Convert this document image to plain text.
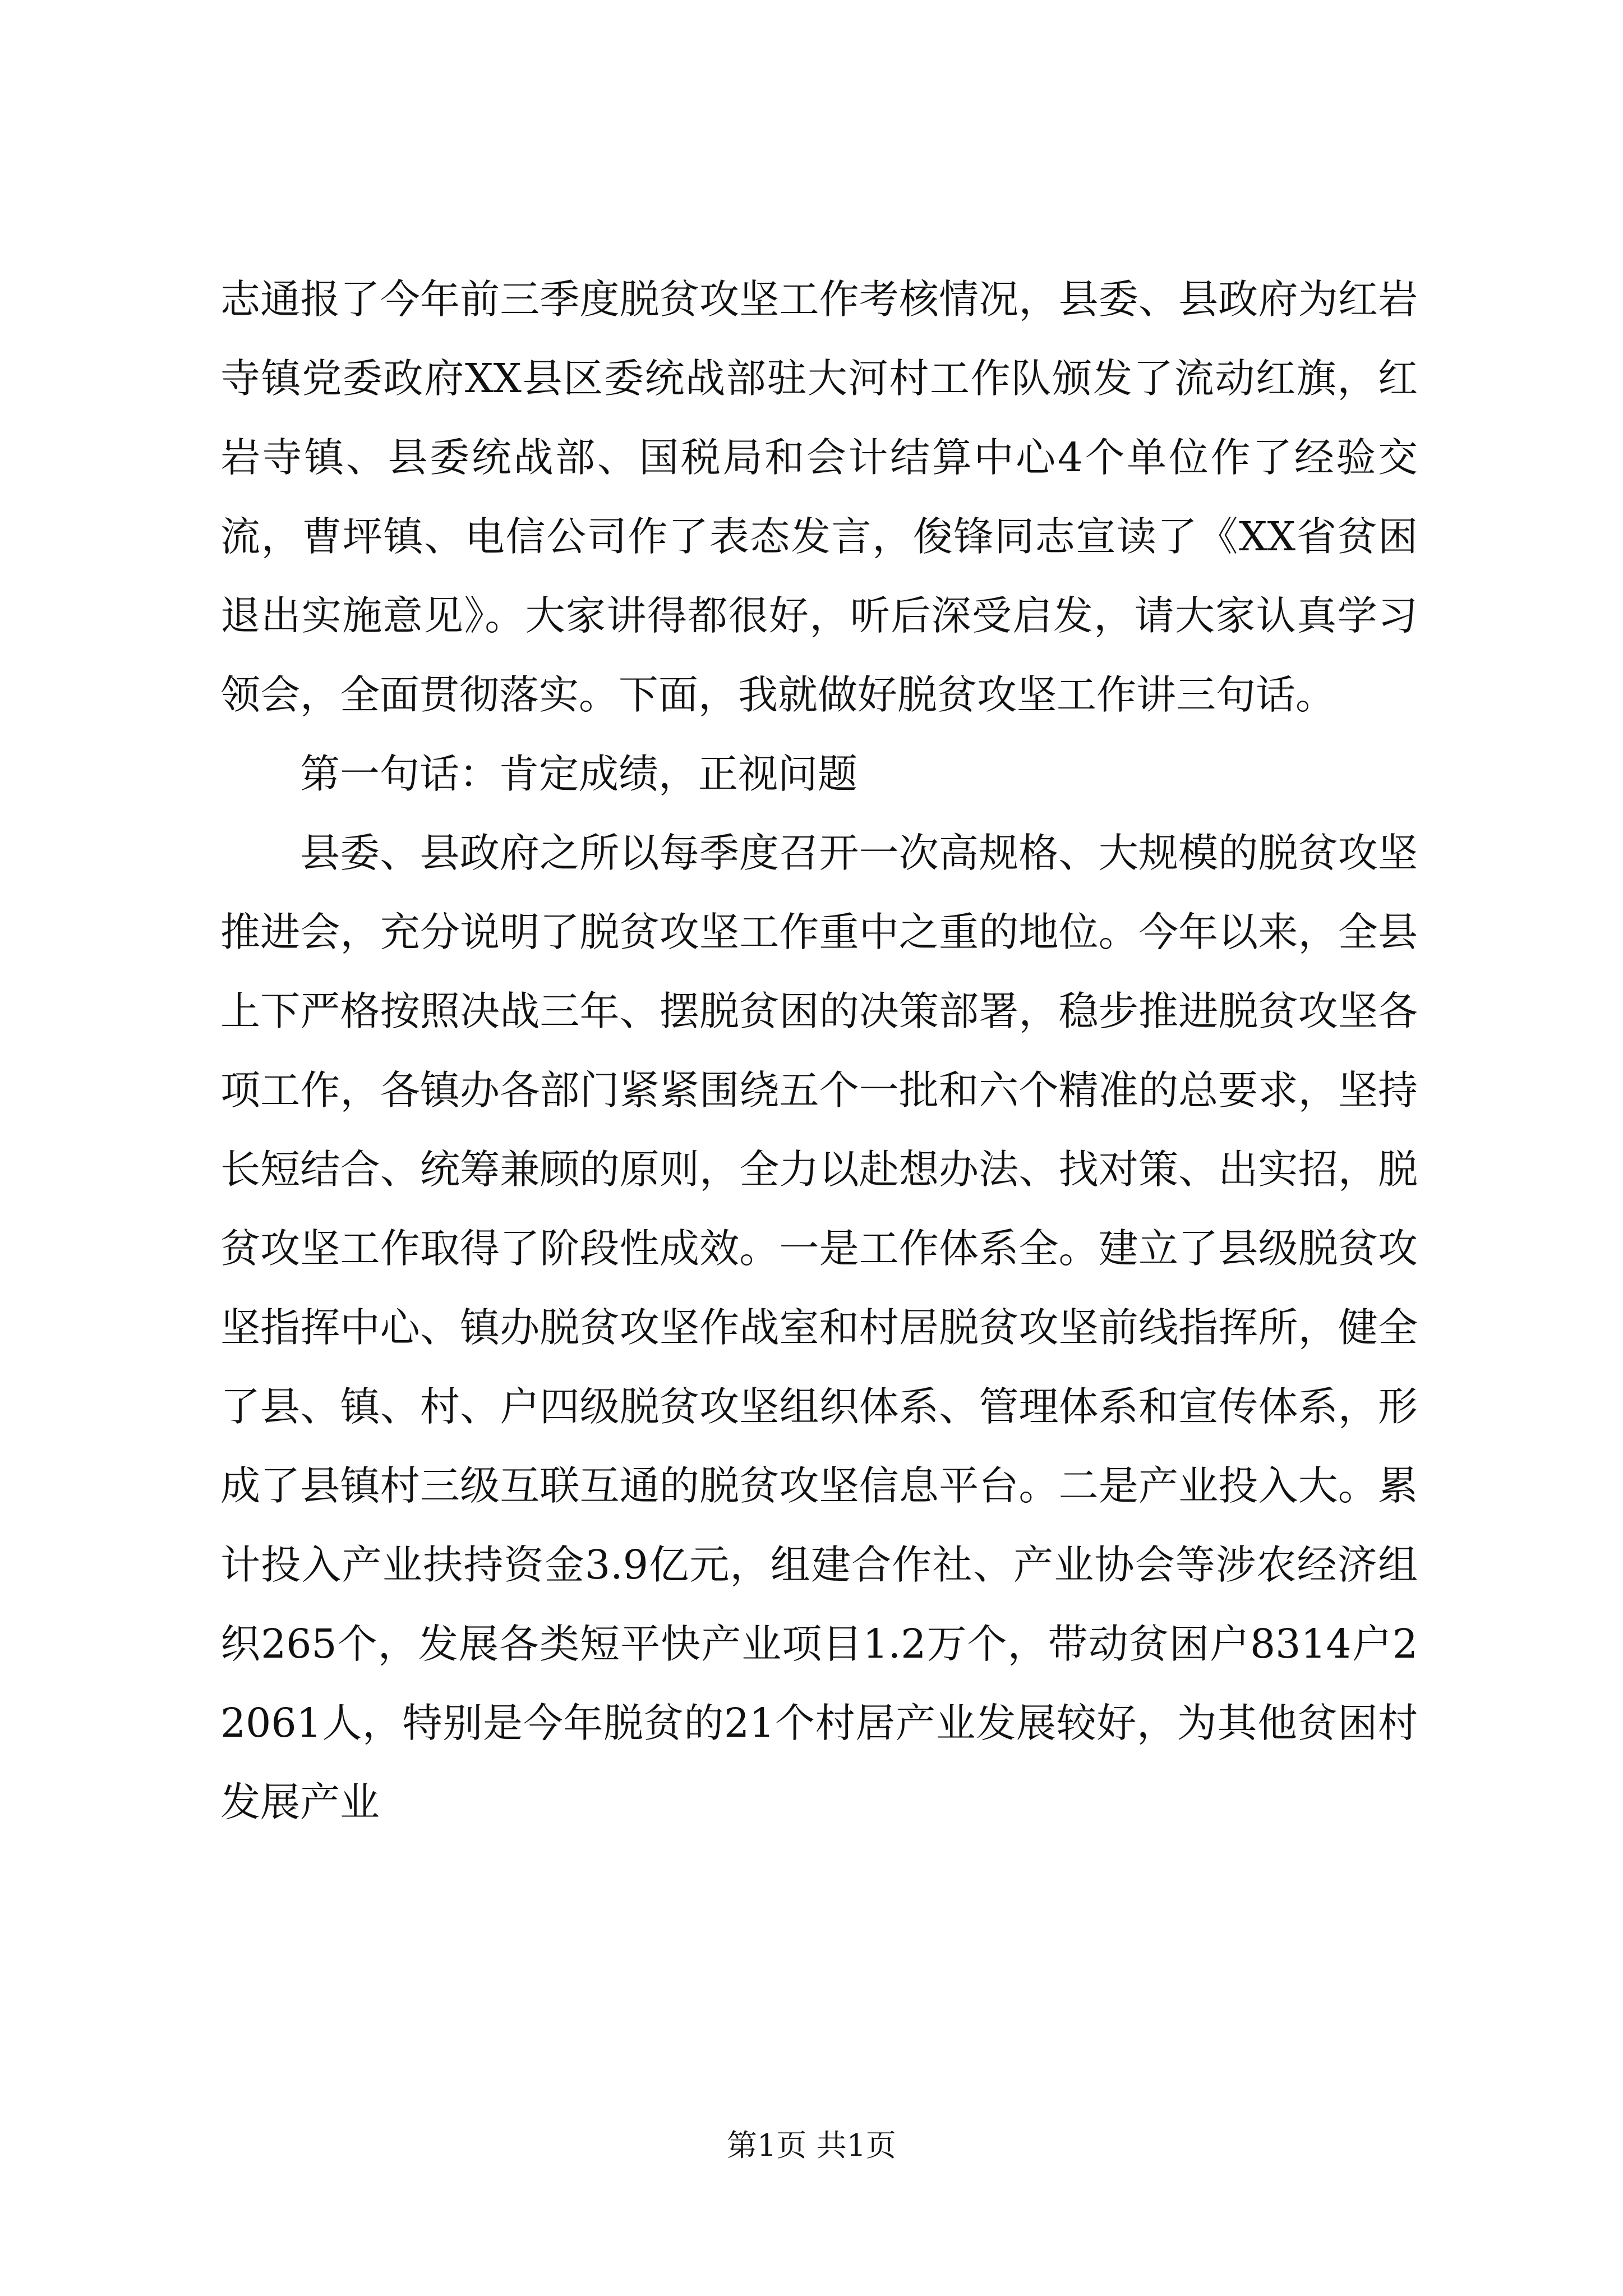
志通报了今年前三季度脱贫攻坚工作考核情况，县委、县政府为红岩寺镇党委政府XX县区委统战部驻大河村工作队颁发了流动红旗，红岩寺镇、县委统战部、国税局和会计结算中心4个单位作了经验交流，曹坪镇、电信公司作了表态发言，俊锋同志宣读了《XX省贫困退出实施意见》。大家讲得都很好，听后深受启发，请大家认真学习领会，全面贯彻落实。下面，我就做好脱贫攻坚工作讲三句话。

第一句话：肯定成绩，正视问题

县委、县政府之所以每季度召开一次高规格、大规模的脱贫攻坚推进会，充分说明了脱贫攻坚工作重中之重的地位。今年以来，全县上下严格按照决战三年、摆脱贫困的决策部署，稳步推进脱贫攻坚各项工作，各镇办各部门紧紧围绕五个一批和六个精准的总要求，坚持长短结合、统筹兼顾的原则，全力以赴想办法、找对策、出实招，脱贫攻坚工作取得了阶段性成效。一是工作体系全。建立了县级脱贫攻坚指挥中心、镇办脱贫攻坚作战室和村居脱贫攻坚前线指挥所，健全了县、镇、村、户四级脱贫攻坚组织体系、管理体系和宣传体系，形成了县镇村三级互联互通的脱贫攻坚信息平台。二是产业投入大。累计投入产业扶持资金3.9亿元，组建合作社、产业协会等涉农经济组织265个，发展各类短平快产业项目1.2万个，带动贫困户8314户22061人，特别是今年脱贫的21个村居产业发展较好，为其他贫困村发展产业

第1页 共1页
